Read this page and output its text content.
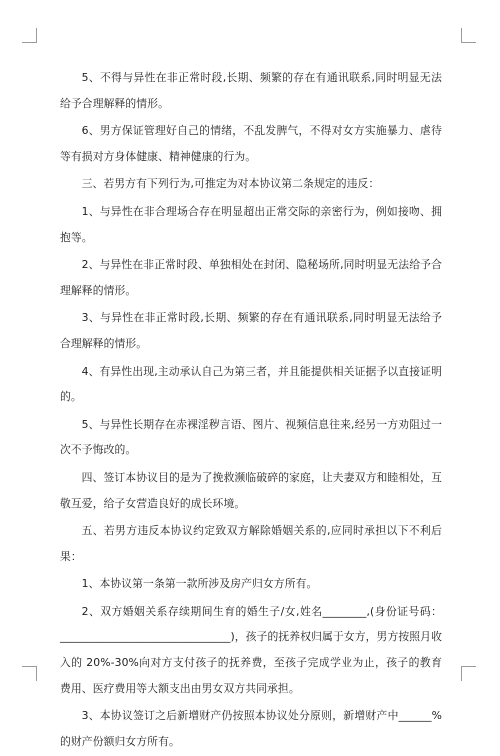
5、不得与异性在非正常时段,长期、频繁的存在有通讯联系,同时明显无法给予合理解释的情形。

6、男方保证管理好自己的情绪，不乱发脾气，不得对女方实施暴力、虐待等有损对方身体健康、精神健康的行为。

三、若男方有下列行为,可推定为对本协议第二条规定的违反：

1、与异性在非合理场合存在明显超出正常交际的亲密行为，例如接吻、拥抱等。

2、与异性在非正常时段、单独相处在封闭、隐秘场所,同时明显无法给予合理解释的情形。

3、与异性在非正常时段,长期、频繁的存在有通讯联系,同时明显无法给予合理解释的情形。

4、有异性出现,主动承认自己为第三者，并且能提供相关证据予以直接证明的。

5、与异性长期存在赤裸淫秽言语、图片、视频信息往来,经另一方劝阻过一次不予悔改的。

四、签订本协议目的是为了挽救濒临破碎的家庭，让夫妻双方和睦相处，互敬互爱，给子女营造良好的成长环境。

五、若男方违反本协议约定致双方解除婚姻关系的,应同时承担以下不利后果：

1、本协议第一条第一款所涉及房产归女方所有。

2、双方婚姻关系存续期间生育的婚生子/女,姓名________,(身份证号码：_______________________________)，孩子的抚养权归属于女方，男方按照月收入的 20%-30%向对方支付孩子的抚养费，至孩子完成学业为止，孩子的教育费用、医疗费用等大额支出由男女双方共同承担。

3、本协议签订之后新增财产仍按照本协议处分原则，新增财产中______%的财产份额归女方所有。
